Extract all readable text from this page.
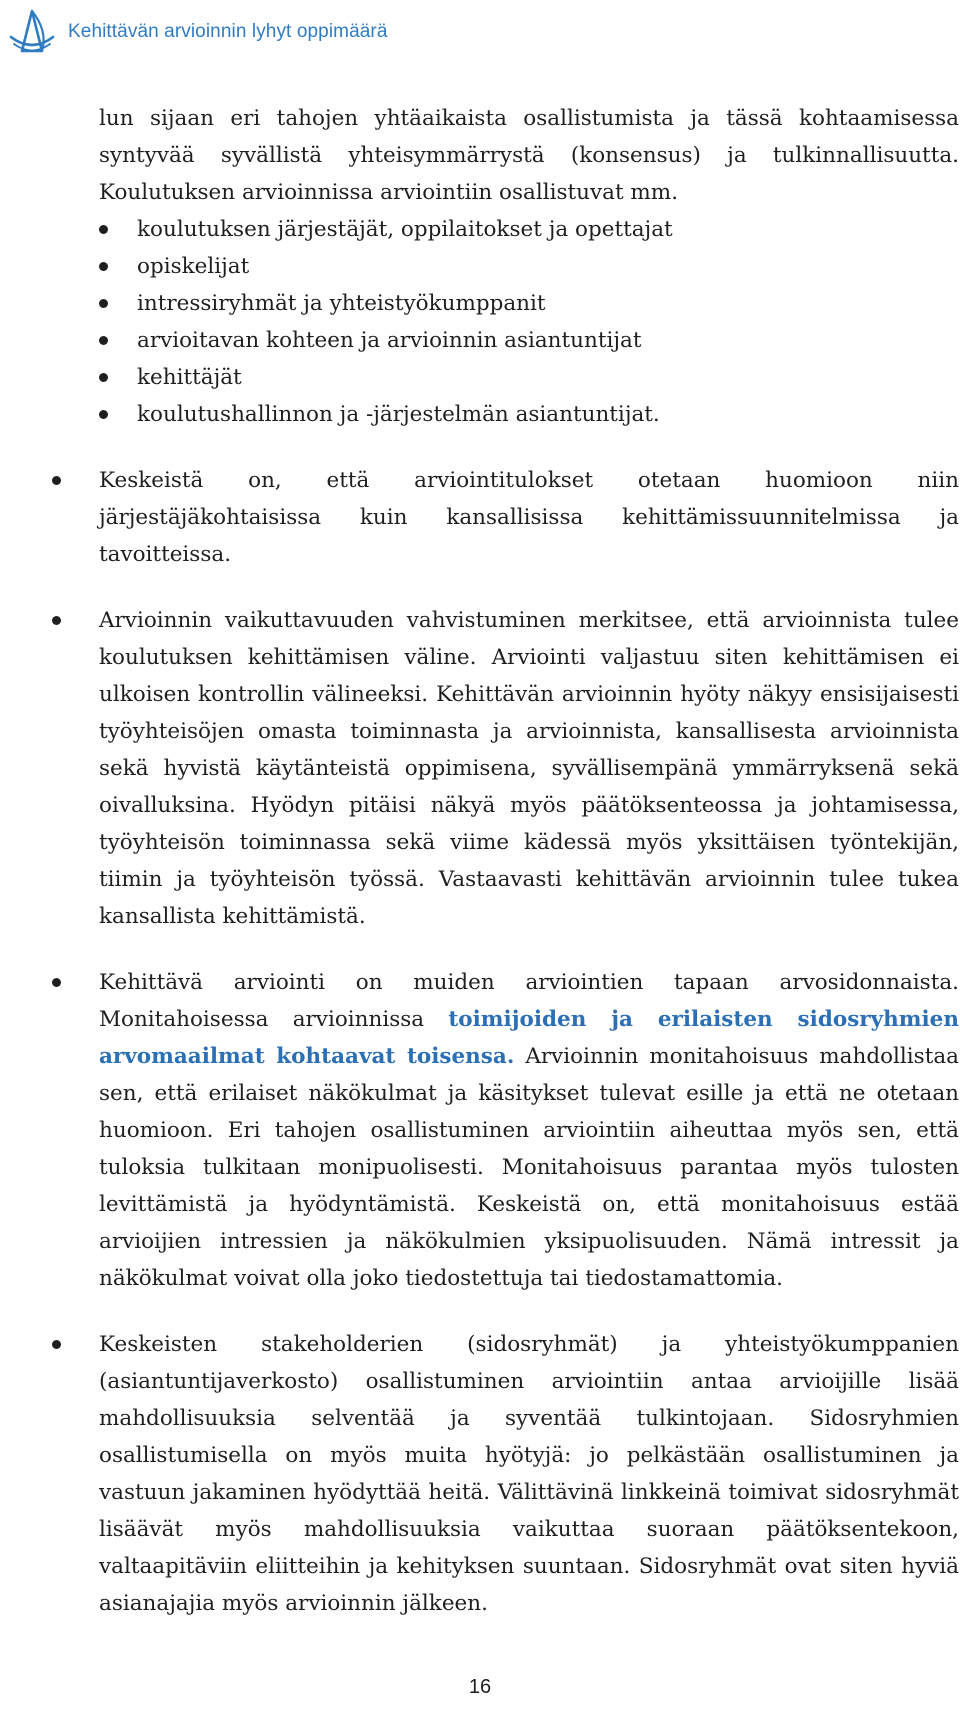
Kehittävän arvioinnin lyhyt oppimäärä
lun sijaan eri tahojen yhtäaikaista osallistumista ja tässä kohtaamisessa syntyvää syvällistä yhteisymmärrystä (konsensus) ja tulkinnallisuutta. Koulutuksen arvioinnissa arviointiin osallistuvat mm.
koulutuksen järjestäjät, oppilaitokset ja opettajat
opiskelijat
intressiryhmät ja yhteistyökumppanit
arvioitavan kohteen ja arvioinnin asiantuntijat
kehittäjät
koulutushallinnon ja -järjestelmän asiantuntijat.
Keskeistä on, että arviointitulokset otetaan huomioon niin järjestäjäkohtaisissa kuin kansallisissa kehittämissuunnitelmissa ja tavoitteissa.
Arvioinnin vaikuttavuuden vahvistuminen merkitsee, että arvioinnista tulee koulutuksen kehittämisen väline. Arviointi valjastuu siten kehittämisen ei ulkoisen kontrollin välineeksi. Kehittävän arvioinnin hyöty näkyy ensisijaisesti työyhteisöjen omasta toiminnasta ja arvioinnista, kansallisesta arvioinnista sekä hyvistä käytänteistä oppimisena, syvällisempänä ymmärryksenä sekä oivalluksina. Hyödyn pitäisi näkyä myös päätöksenteossa ja johtamisessa, työyhteisön toiminnassa sekä viime kädessä myös yksittäisen työntekijän, tiimin ja työyhteisön työssä. Vastaavasti kehittävän arvioinnin tulee tukea kansallista kehittämistä.
Kehittävä arviointi on muiden arviointien tapaan arvosidonnaista. Monitahoisessa arvioinnissa toimijoiden ja erilaisten sidosryhmien arvomaailmat kohtaavat toisensa. Arvioinnin monitahoisuus mahdollistaa sen, että erilaiset näkökulmat ja käsitykset tulevat esille ja että ne otetaan huomioon. Eri tahojen osallistuminen arviointiin aiheuttaa myös sen, että tuloksia tulkitaan monipuolisesti. Monitahoisuus parantaa myös tulosten levittämistä ja hyödyntämistä. Keskeistä on, että monitahoisuus estää arvioijien intressien ja näkökulmien yksipuolisuuden. Nämä intressit ja näkökulmat voivat olla joko tiedostettuja tai tiedostamattomia.
Keskeisten stakeholderien (sidosryhmät) ja yhteistyökumppanien (asiantuntijaverkosto) osallistuminen arviointiin antaa arvioijille lisää mahdollisuuksia selventää ja syventää tulkintojaan. Sidosryhmien osallistumisella on myös muita hyötyjä: jo pelkästään osallistuminen ja vastuun jakaminen hyödyttää heitä. Välittävinä linkkeinä toimivat sidosryhmät lisäävät myös mahdollisuuksia vaikuttaa suoraan päätöksentekoon, valtaapitäviin eliitteihin ja kehityksen suuntaan. Sidosryhmät ovat siten hyviä asianajajia myös arvioinnin jälkeen.
16
